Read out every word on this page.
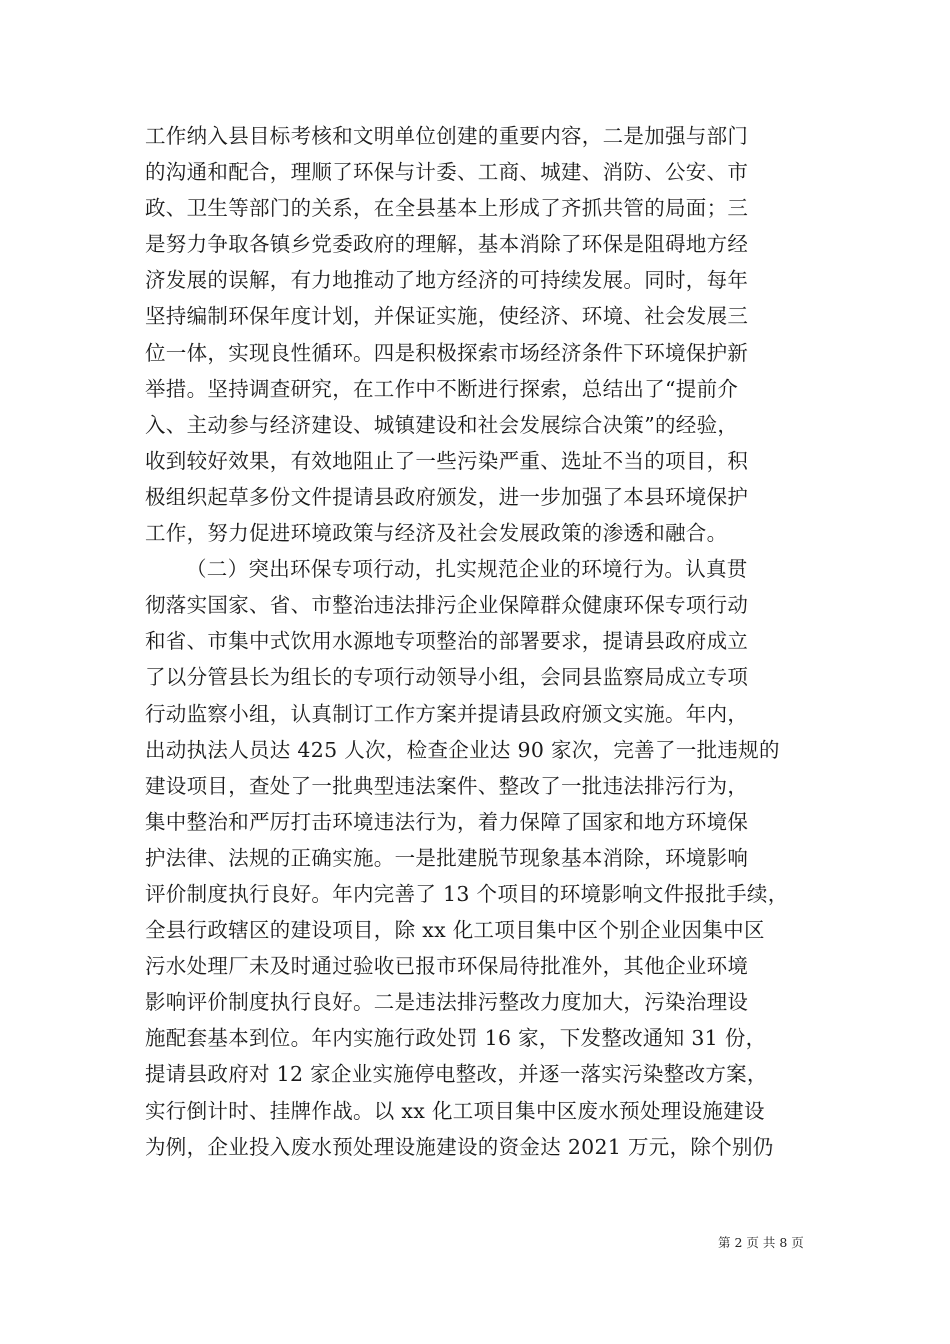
工作纳入县目标考核和文明单位创建的重要内容，二是加强与部门
的沟通和配合，理顺了环保与计委、工商、城建、消防、公安、市
政、卫生等部门的关系，在全县基本上形成了齐抓共管的局面；三
是努力争取各镇乡党委政府的理解，基本消除了环保是阻碍地方经
济发展的误解，有力地推动了地方经济的可持续发展。同时，每年
坚持编制环保年度计划，并保证实施，使经济、环境、社会发展三
位一体，实现良性循环。四是积极探索市场经济条件下环境保护新
举措。坚持调查研究，在工作中不断进行探索，总结出了“提前介
入、主动参与经济建设、城镇建设和社会发展综合决策”的经验，
收到较好效果，有效地阻止了一些污染严重、选址不当的项目，积
极组织起草多份文件提请县政府颁发，进一步加强了本县环境保护
工作，努力促进环境政策与经济及社会发展政策的渗透和融合。
（二）突出环保专项行动，扎实规范企业的环境行为。认真贯
彻落实国家、省、市整治违法排污企业保障群众健康环保专项行动
和省、市集中式饮用水源地专项整治的部署要求，提请县政府成立
了以分管县长为组长的专项行动领导小组，会同县监察局成立专项
行动监察小组，认真制订工作方案并提请县政府颁文实施。年内，
出动执法人员达 425 人次，检查企业达 90 家次，完善了一批违规的
建设项目，查处了一批典型违法案件、整改了一批违法排污行为，
集中整治和严厉打击环境违法行为，着力保障了国家和地方环境保
护法律、法规的正确实施。一是批建脱节现象基本消除，环境影响
评价制度执行良好。年内完善了 13 个项目的环境影响文件报批手续，
全县行政辖区的建设项目，除 xx 化工项目集中区个别企业因集中区
污水处理厂未及时通过验收已报市环保局待批准外，其他企业环境
影响评价制度执行良好。二是违法排污整改力度加大，污染治理设
施配套基本到位。年内实施行政处罚 16 家，下发整改通知 31 份，
提请县政府对 12 家企业实施停电整改，并逐一落实污染整改方案，
实行倒计时、挂牌作战。以 xx 化工项目集中区废水预处理设施建设
为例，企业投入废水预处理设施建设的资金达 2021 万元，除个别仍
第 2 页 共 8 页
